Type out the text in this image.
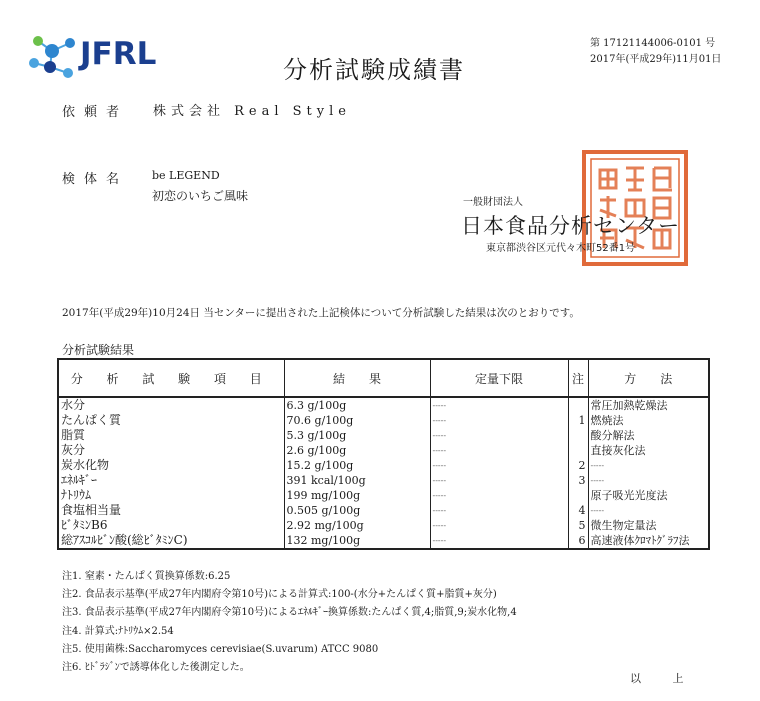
JFRL	分析試験成績書
第 17121144006-0101 号
2017年(平成29年)11月01日
依頼者 株式会社 Real Style
検体名 be LEGEND
初恋のいちご風味	一般財団法人
日本食品分析センター
東京都渋谷区元代々木町52番1号
2017年(平成29年)10月24日 当センターに提出された上記検体について分析試験した結果は次のとおりです。
分析試験結果
分 析 試 験 項 目	結　　果	定量下限	注	方　　法
水分	6.3 g/100g	-----		常圧加熱乾燥法
たんぱく質	70.6 g/100g	-----	1	燃焼法
脂質	5.3 g/100g	-----		酸分解法
灰分	2.6 g/100g	-----		直接灰化法
炭水化物	15.2 g/100g	-----	2	-----
ｴﾈﾙｷﾞｰ	391 kcal/100g	-----	3	-----
ﾅﾄﾘｳﾑ	199 mg/100g	-----		原子吸光光度法
食塩相当量	0.505 g/100g	-----	4	-----
ﾋﾞﾀﾐﾝB6	2.92 mg/100g	-----	5	微生物定量法
総ｱｽｺﾙﾋﾞﾝ酸(総ﾋﾞﾀﾐﾝC)	132 mg/100g	-----	6	高速液体ｸﾛﾏﾄｸﾞﾗﾌ法
注1. 窒素・たんぱく質換算係数:6.25
注2. 食品表示基準(平成27年内閣府令第10号)による計算式:100-(水分+たんぱく質+脂質+灰分)
注3. 食品表示基準(平成27年内閣府令第10号)によるｴﾈﾙｷﾞｰ換算係数:たんぱく質,4;脂質,9;炭水化物,4
注4. 計算式:ﾅﾄﾘｳﾑ×2.54
注5. 使用菌株:Saccharomyces cerevisiae(S.uvarum) ATCC 9080
注6. ﾋﾄﾞﾗｼﾞﾝで誘導体化した後測定した。
以 上
